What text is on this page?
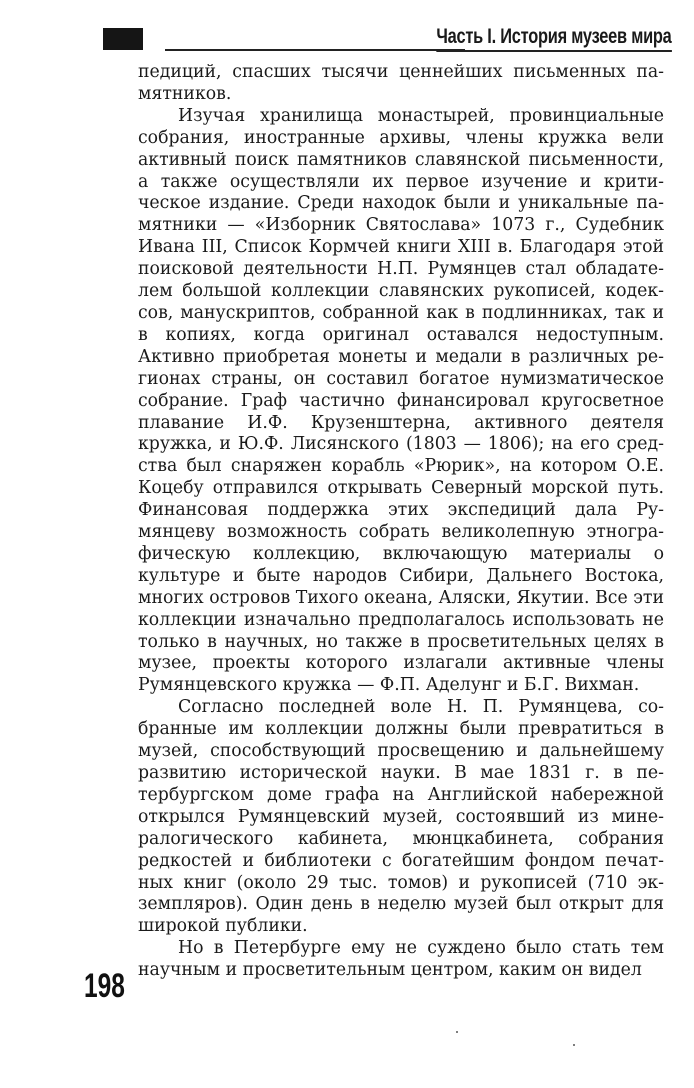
Часть I. История музеев мира

педиций, спасших тысячи ценнейших письменных памятников.

Изучая хранилища монастырей, провинциальные собрания, иностранные архивы, члены кружка вели активный поиск памятников славянской письменности, а также осуществляли их первое изучение и критическое издание. Среди находок были и уникальные памятники — «Изборник Святослава» 1073 г., Судебник Ивана III, Список Кормчей книги XIII в. Благодаря этой поисковой деятельности Н.П. Румянцев стал обладателем большой коллекции славянских рукописей, кодексов, манускриптов, собранной как в подлинниках, так и в копиях, когда оригинал оставался недоступным. Активно приобретая монеты и медали в различных регионах страны, он составил богатое нумизматическое собрание. Граф частично финансировал кругосветное плавание И.Ф. Крузенштерна, активного деятеля кружка, и Ю.Ф. Лисянского (1803 — 1806); на его средства был снаряжен корабль «Рюрик», на котором О.Е. Коцебу отправился открывать Северный морской путь. Финансовая поддержка этих экспедиций дала Румянцеву возможность собрать великолепную этнографическую коллекцию, включающую материалы о культуре и быте народов Сибири, Дальнего Востока, многих островов Тихого океана, Аляски, Якутии. Все эти коллекции изначально предполагалось использовать не только в научных, но также в просветительных целях в музее, проекты которого излагали активные члены Румянцевского кружка — Ф.П. Аделунг и Б.Г. Вихман.

Согласно последней воле Н. П. Румянцева, собранные им коллекции должны были превратиться в музей, способствующий просвещению и дальнейшему развитию исторической науки. В мае 1831 г. в петербургском доме графа на Английской набережной открылся Румянцевский музей, состоявший из минералогического кабинета, мюнцкабинета, собрания редкостей и библиотеки с богатейшим фондом печатных книг (около 29 тыс. томов) и рукописей (710 экземпляров). Один день в неделю музей был открыт для широкой публики.

Но в Петербурге ему не суждено было стать тем научным и просветительным центром, каким он видел

198
